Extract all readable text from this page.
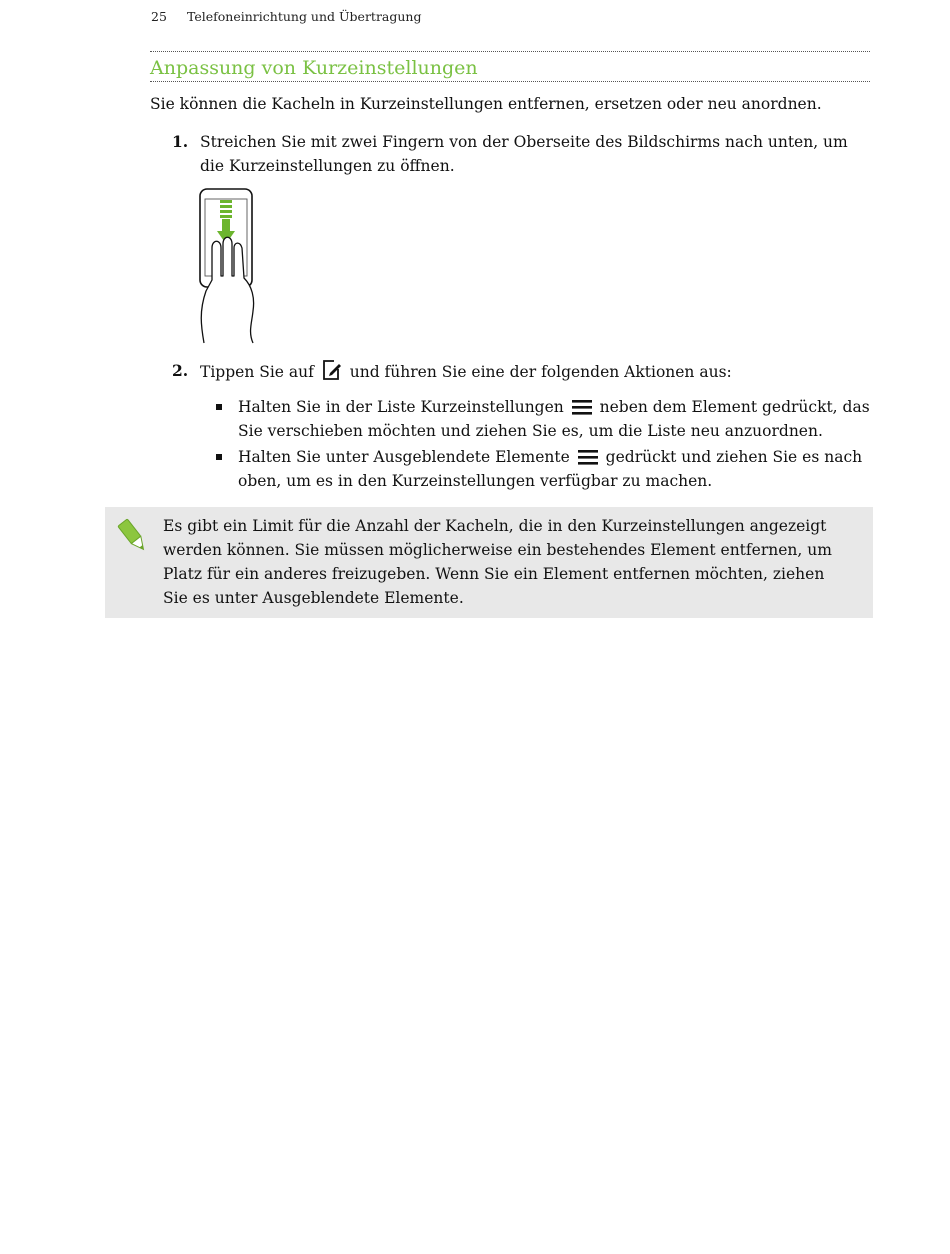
25 Telefoneinrichtung und Übertragung
Anpassung von Kurzeinstellungen
Sie können die Kacheln in Kurzeinstellungen entfernen, ersetzen oder neu anordnen.
1. Streichen Sie mit zwei Fingern von der Oberseite des Bildschirms nach unten, um die Kurzeinstellungen zu öffnen.
2. Tippen Sie auf und führen Sie eine der folgenden Aktionen aus:
Halten Sie in der Liste Kurzeinstellungen neben dem Element gedrückt, das Sie verschieben möchten und ziehen Sie es, um die Liste neu anzuordnen.
Halten Sie unter Ausgeblendete Elemente gedrückt und ziehen Sie es nach oben, um es in den Kurzeinstellungen verfügbar zu machen.
Es gibt ein Limit für die Anzahl der Kacheln, die in den Kurzeinstellungen angezeigt werden können. Sie müssen möglicherweise ein bestehendes Element entfernen, um Platz für ein anderes freizugeben. Wenn Sie ein Element entfernen möchten, ziehen Sie es unter Ausgeblendete Elemente.
